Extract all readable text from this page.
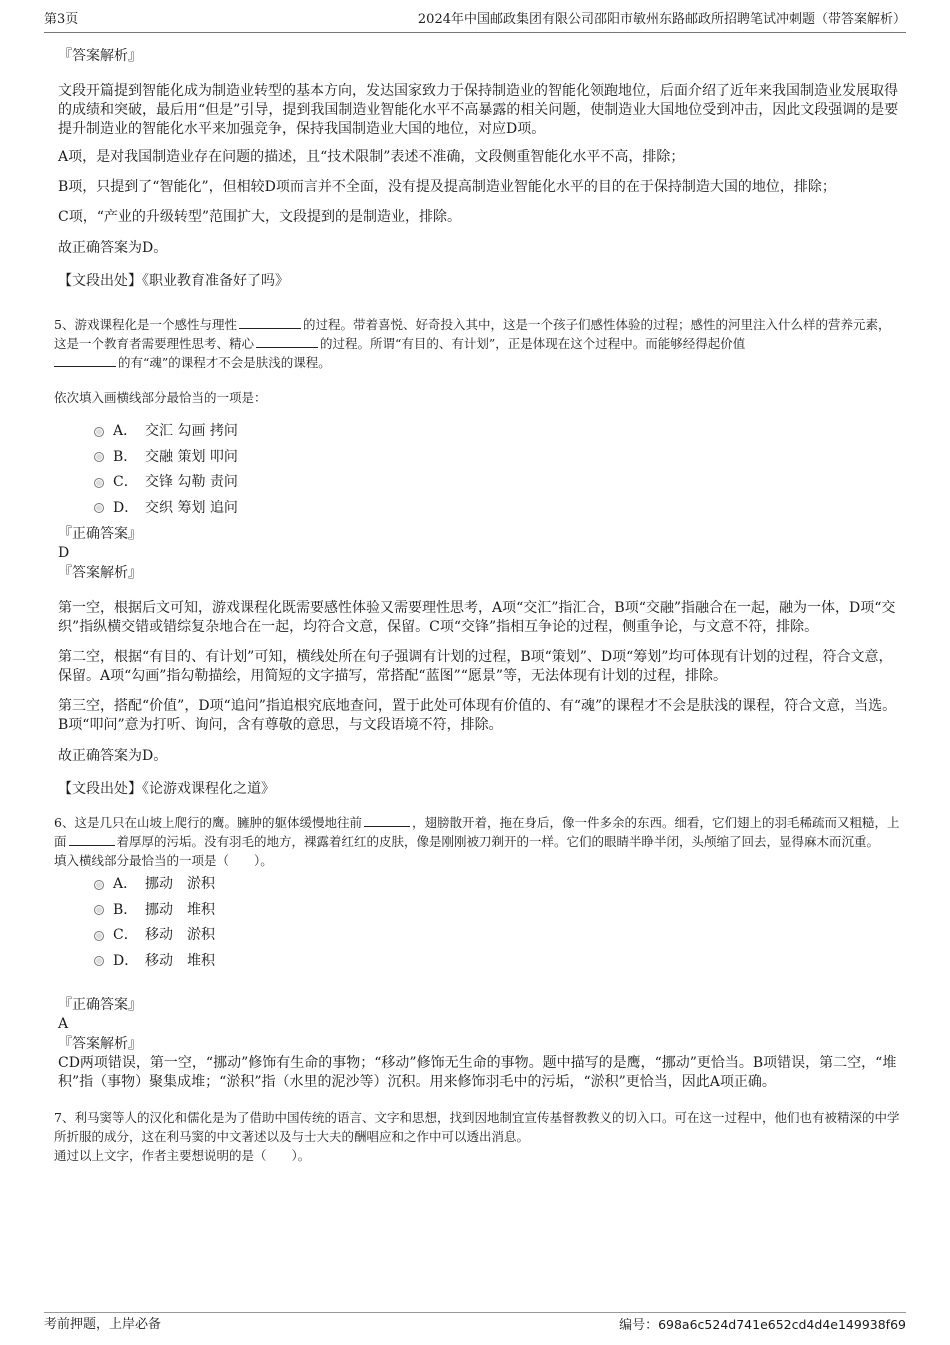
第3页	2024年中国邮政集团有限公司邵阳市敏州东路邮政所招聘笔试冲刺题（带答案解析）
『答案解析』

文段开篇提到智能化成为制造业转型的基本方向，发达国家致力于保持制造业的智能化领跑地位，后面介绍了近年来我国制造业发展取得的成绩和突破，最后用“但是”引导，提到我国制造业智能化水平不高暴露的相关问题，使制造业大国地位受到冲击，因此文段强调的是要提升制造业的智能化水平来加强竞争，保持我国制造业大国的地位，对应D项。

A项，是对我国制造业存在问题的描述，且“技术限制”表述不准确，文段侧重智能化水平不高，排除；

B项，只提到了“智能化”，但相较D项而言并不全面，没有提及提高制造业智能化水平的目的在于保持制造大国的地位，排除；

C项，“产业的升级转型”范围扩大，文段提到的是制造业，排除。

故正确答案为D。

【文段出处】《职业教育准备好了吗》

5、游戏课程化是一个感性与理性	的过程。带着喜悦、好奇投入其中，这是一个孩子们感性体验的过程；感性的河里注入什么样的营养元素，这是一个教育者需要理性思考、精心	的过程。所谓“有目的、有计划”，正是体现在这个过程中。而能够经得起价值
的有“魂”的课程才不会是肤浅的课程。

依次填入画横线部分最恰当的一项是：

A． 交汇 勾画 拷问
B． 交融 策划 叩问
C． 交锋 勾勒 责问
D． 交织 筹划 追问
『正确答案』
D
『答案解析』

第一空，根据后文可知，游戏课程化既需要感性体验又需要理性思考，A项“交汇”指汇合，B项“交融”指融合在一起，融为一体，D项“交织”指纵横交错或错综复杂地合在一起，均符合文意，保留。C项“交锋”指相互争论的过程，侧重争论，与文意不符，排除。

第二空，根据“有目的、有计划”可知，横线处所在句子强调有计划的过程，B项“策划”、D项“筹划”均可体现有计划的过程，符合文意，保留。A项“勾画”指勾勒描绘，用简短的文字描写，常搭配“蓝图”“愿景”等，无法体现有计划的过程，排除。

第三空，搭配“价值”，D项“追问”指追根究底地查问，置于此处可体现有价值的、有“魂”的课程才不会是肤浅的课程，符合文意，当选。B项“叩问”意为打听、询问，含有尊敬的意思，与文段语境不符，排除。

故正确答案为D。

【文段出处】《论游戏课程化之道》

6、这是几只在山坡上爬行的鹰。臃肿的躯体缓慢地往前	，翅膀散开着，拖在身后，像一件多余的东西。细看，它们翅上的羽毛稀疏而又粗糙，上面	着厚厚的污垢。没有羽毛的地方，裸露着红红的皮肤，像是刚刚被刀剃开的一样。它们的眼睛半睁半闭，头颅缩了回去，显得麻木而沉重。

填入横线部分最恰当的一项是（　　）。

A． 挪动　淤积
B． 挪动　堆积
C． 移动　淤积
D． 移动　堆积
『正确答案』
A
『答案解析』

CD两项错误，第一空，“挪动”修饰有生命的事物；“移动”修饰无生命的事物。题中描写的是鹰，“挪动”更恰当。B项错误，第二空，“堆积”指（事物）聚集成堆；“淤积”指（水里的泥沙等）沉积。用来修饰羽毛中的污垢，“淤积”更恰当，因此A项正确。

7、利马窦等人的汉化和儒化是为了借助中国传统的语言、文字和思想，找到因地制宜宣传基督教教义的切入口。可在这一过程中，他们也有被精深的中学所折服的成分，这在利马窦的中文著述以及与士大夫的酬唱应和之作中可以透出消息。

通过以上文字，作者主要想说明的是（　　）。

考前押题，上岸必备	编号：698a6c524d741e652cd4d4e149938f69
